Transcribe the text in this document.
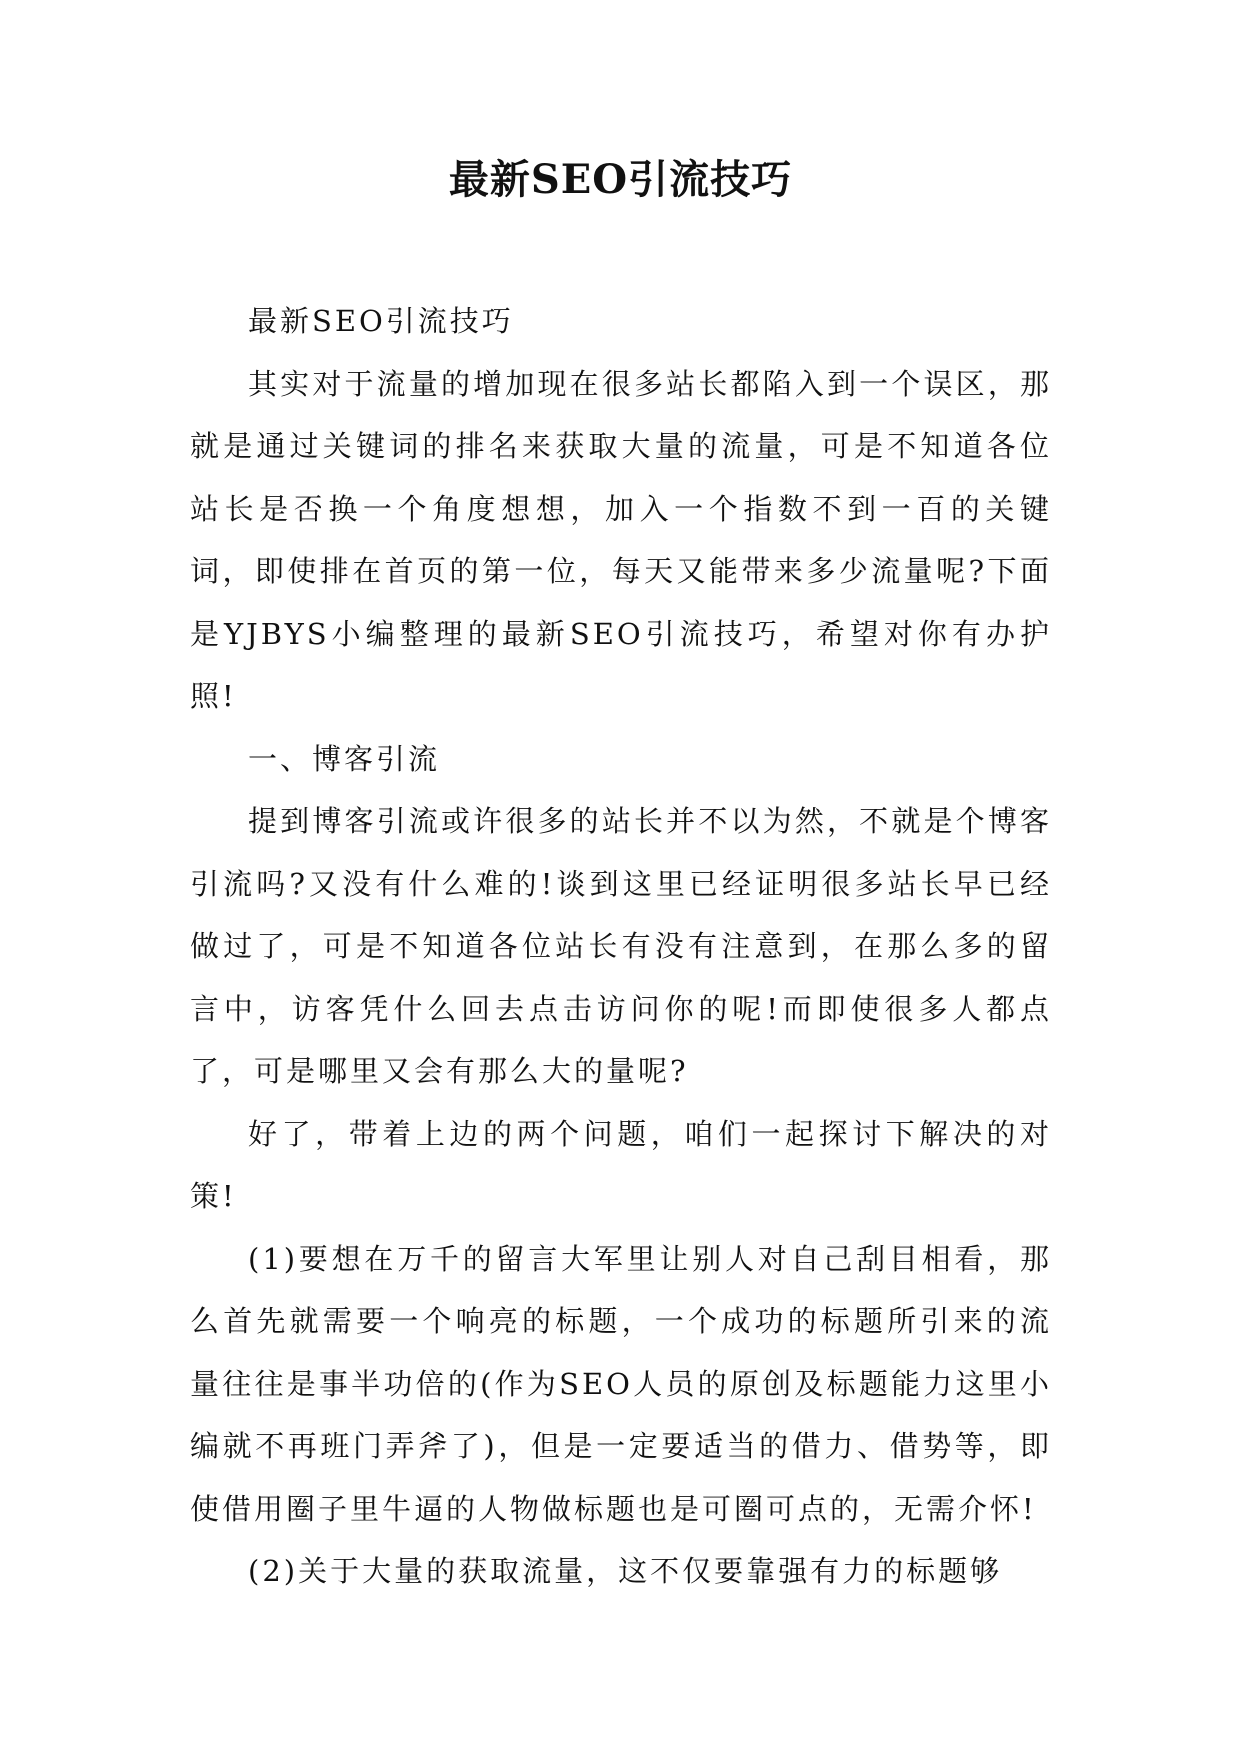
最新SEO引流技巧

最新SEO引流技巧

其实对于流量的增加现在很多站长都陷入到一个误区，那就是通过关键词的排名来获取大量的流量，可是不知道各位站长是否换一个角度想想，加入一个指数不到一百的关键词，即使排在首页的第一位，每天又能带来多少流量呢?下面是YJBYS小编整理的最新SEO引流技巧，希望对你有办护照!

一、博客引流

提到博客引流或许很多的站长并不以为然，不就是个博客引流吗?又没有什么难的!谈到这里已经证明很多站长早已经做过了，可是不知道各位站长有没有注意到，在那么多的留言中，访客凭什么回去点击访问你的呢!而即使很多人都点了，可是哪里又会有那么大的量呢?

好了，带着上边的两个问题，咱们一起探讨下解决的对策!

(1)要想在万千的留言大军里让别人对自己刮目相看，那么首先就需要一个响亮的标题，一个成功的标题所引来的流量往往是事半功倍的(作为SEO人员的原创及标题能力这里小编就不再班门弄斧了)，但是一定要适当的借力、借势等，即使借用圈子里牛逼的人物做标题也是可圈可点的，无需介怀!

(2)关于大量的获取流量，这不仅要靠强有力的标题够
